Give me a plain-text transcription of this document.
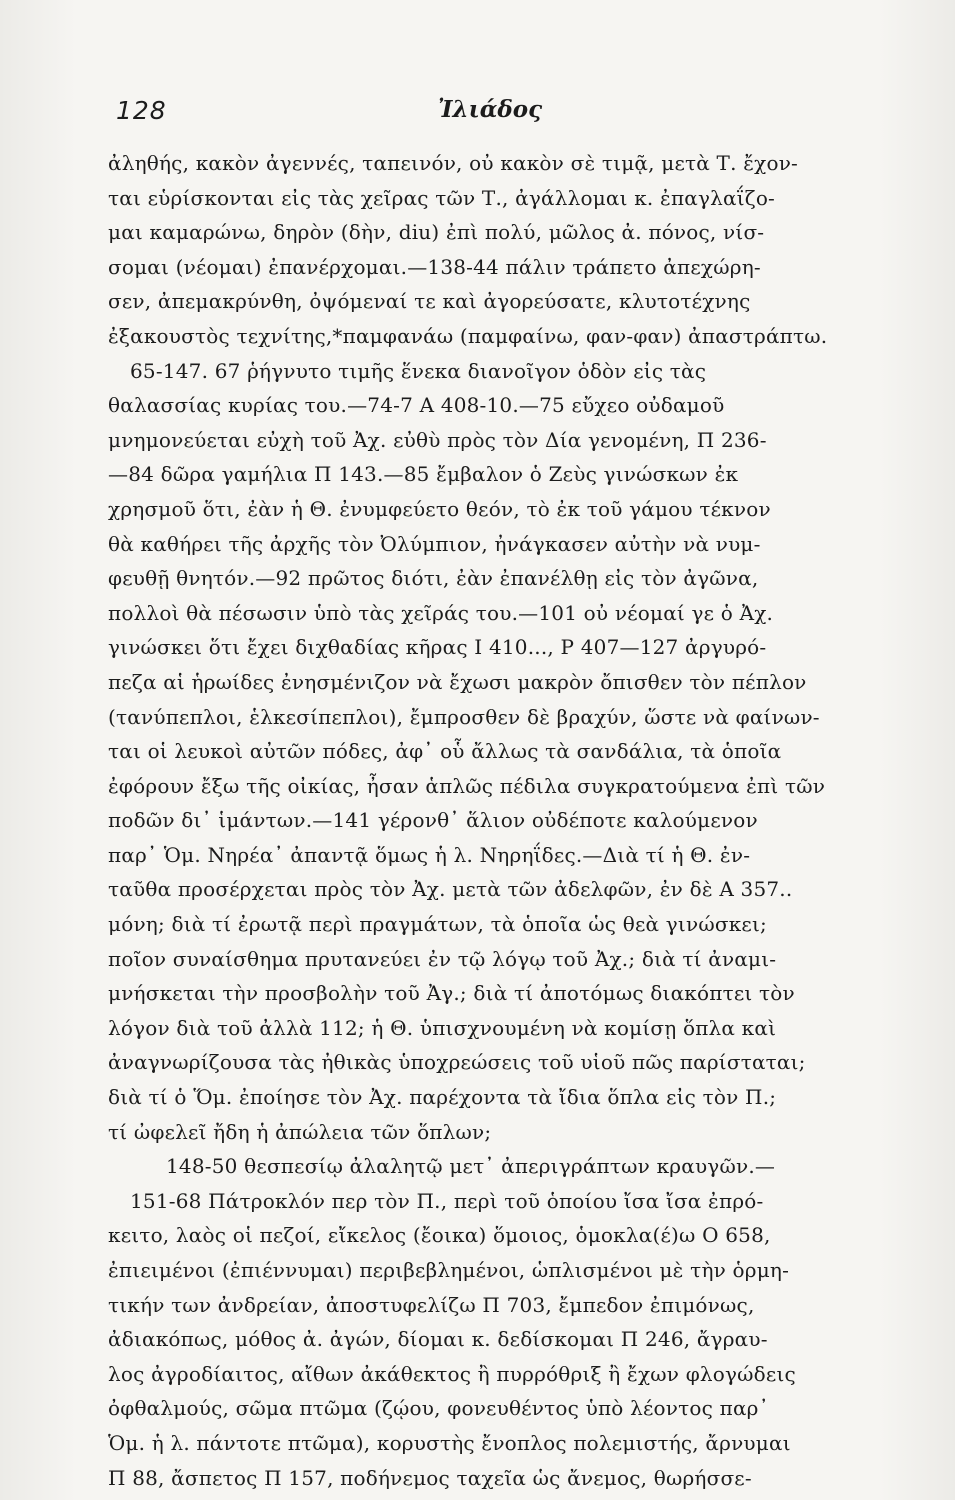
128	Ἰλιάδος
ἀληθής, κακὸν ἀγεννές, ταπεινόν, οὐ κακὸν σὲ τιμᾷ, μετὰ Τ. ἔχον-
ται εὑρίσκονται εἰς τὰς χεῖρας τῶν Τ., ἀγάλλομαι κ. ἐπαγλαΐζο-
μαι καμαρώνω, δηρὸν (δὴν, diu) ἐπὶ πολύ, μῶλος ἀ. πόνος, νίσ-
σομαι (νέομαι) ἐπανέρχομαι.—138-44 πάλιν τράπετο ἀπεχώρη-
σεν, ἀπεμακρύνθη, ὀψόμεναί τε καὶ ἀγορεύσατε, κλυτοτέχνης
ἐξακουστὸς τεχνίτης,*παμφανάω (παμφαίνω, φαν-φαν) ἀπαστράπτω.
65-147. 67 ῥήγνυτο τιμῆς ἕνεκα διανοῖγον ὁδὸν εἰς τὰς
θαλασσίας κυρίας του.—74-7 Α 408-10.—75 εὔχεο οὐδαμοῦ
μνημονεύεται εὐχὴ τοῦ Ἀχ. εὐθὺ πρὸς τὸν Δία γενομένη, Π 236-
—84 δῶρα γαμήλια Π 143.—85 ἔμβαλον ὁ Ζεὺς γινώσκων ἐκ
χρησμοῦ ὅτι, ἐὰν ἡ Θ. ἐνυμφεύετο θεόν, τὸ ἐκ τοῦ γάμου τέκνον
θὰ καθήρει τῆς ἀρχῆς τὸν Ὀλύμπιον, ἠνάγκασεν αὐτὴν νὰ νυμ-
φευθῇ θνητόν.—92 πρῶτος διότι, ἐὰν ἐπανέλθῃ εἰς τὸν ἀγῶνα,
πολλοὶ θὰ πέσωσιν ὑπὸ τὰς χεῖράς του.—101 οὐ νέομαί γε ὁ Ἀχ.
γινώσκει ὅτι ἔχει διχθαδίας κῆρας Ι 410..., Ρ 407—127 ἀργυρό-
πεζα αἱ ἡρωίδες ἐνησμένιζον νὰ ἔχωσι μακρὸν ὄπισθεν τὸν πέπλον
(τανύπεπλοι, ἑλκεσίπεπλοι), ἔμπροσθεν δὲ βραχύν, ὥστε νὰ φαίνων-
ται οἱ λευκοὶ αὐτῶν πόδες, ἀφ᾽ οὗ ἄλλως τὰ σανδάλια, τὰ ὁποῖα
ἐφόρουν ἔξω τῆς οἰκίας, ἦσαν ἁπλῶς πέδιλα συγκρατούμενα ἐπὶ τῶν
ποδῶν δι᾽ ἱμάντων.—141 γέρονθ᾽ ἅλιον οὐδέποτε καλούμενον
παρ᾽ Ὁμ. Νηρέα᾽ ἀπαντᾷ ὅμως ἡ λ. Νηρηΐδες.—Διὰ τί ἡ Θ. ἐν-
ταῦθα προσέρχεται πρὸς τὸν Ἀχ. μετὰ τῶν ἀδελφῶν, ἐν δὲ Α 357..
μόνη; διὰ τί ἐρωτᾷ περὶ πραγμάτων, τὰ ὁποῖα ὡς θεὰ γινώσκει;
ποῖον συναίσθημα πρυτανεύει ἐν τῷ λόγῳ τοῦ Ἀχ.; διὰ τί ἀναμι-
μνήσκεται τὴν προσβολὴν τοῦ Ἀγ.; διὰ τί ἀποτόμως διακόπτει τὸν
λόγον διὰ τοῦ ἀλλὰ 112; ἡ Θ. ὑπισχνουμένη νὰ κομίσῃ ὅπλα καὶ
ἀναγνωρίζουσα τὰς ἠθικὰς ὑποχρεώσεις τοῦ υἱοῦ πῶς παρίσταται;
διὰ τί ὁ Ὅμ. ἐποίησε τὸν Ἀχ. παρέχοντα τὰ ἴδια ὅπλα εἰς τὸν Π.;
τί ὠφελεῖ ἤδη ἡ ἀπώλεια τῶν ὅπλων;
148-50 θεσπεσίῳ ἀλαλητῷ μετ᾽ ἀπεριγράπτων κραυγῶν.—
151-68 Πάτροκλόν περ τὸν Π., περὶ τοῦ ὁποίου ἴσα ἴσα ἐπρό-
κειτο, λαὸς οἱ πεζοί, εἴκελος (ἔοικα) ὅμοιος, ὁμοκλα(έ)ω Ο 658,
ἐπιειμένοι (ἐπιέννυμαι) περιβεβλημένοι, ὡπλισμένοι μὲ τὴν ὁρμη-
τικήν των ἀνδρείαν, ἀποστυφελίζω Π 703, ἔμπεδον ἐπιμόνως,
ἀδιακόπως, μόθος ἀ. ἀγών, δίομαι κ. δεδίσκομαι Π 246, ἄγραυ-
λος ἀγροδίαιτος, αἴθων ἀκάθεκτος ἢ πυρρόθριξ ἢ ἔχων φλογώδεις
ὀφθαλμούς, σῶμα πτῶμα (ζῴου, φονευθέντος ὑπὸ λέοντος παρ᾽
Ὁμ. ἡ λ. πάντοτε πτῶμα), κορυστὴς ἔνοπλος πολεμιστής, ἄρνυμαι
Π 88, ἄσπετος Π 157, ποδήνεμος ταχεῖα ὡς ἄνεμος, θωρήσσε-
